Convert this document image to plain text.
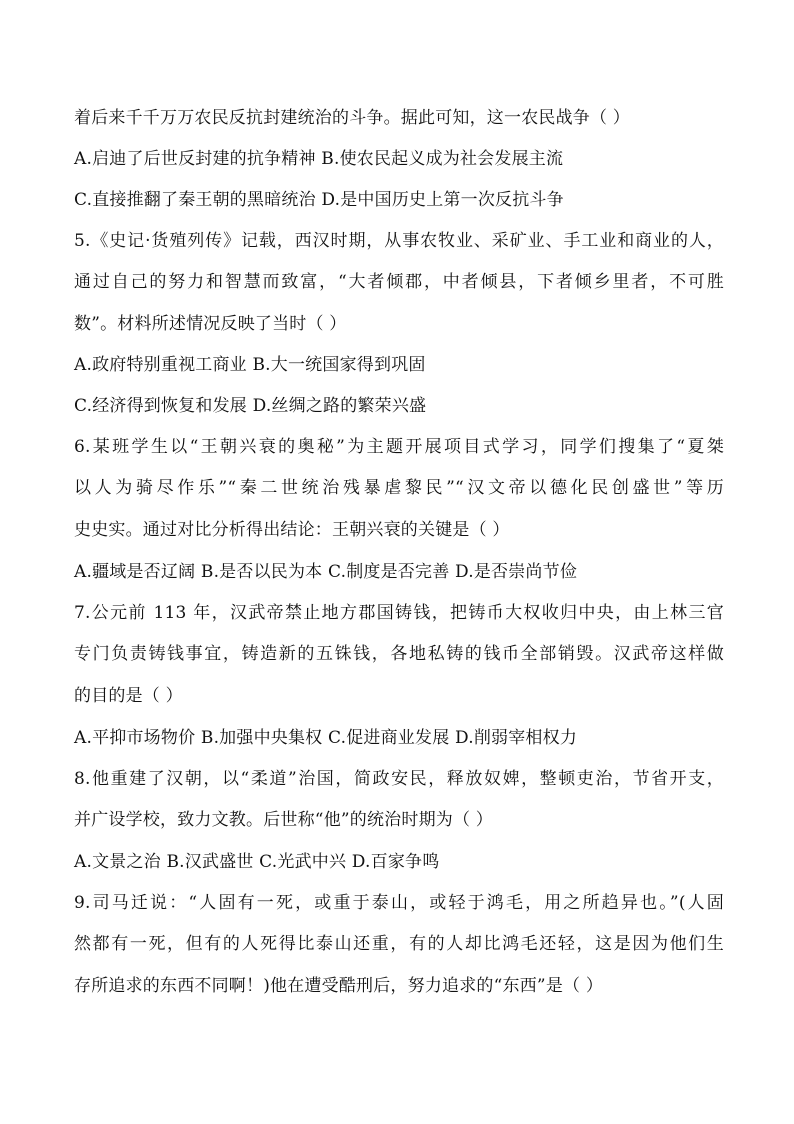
着后来千千万万农民反抗封建统治的斗争。据此可知，这一农民战争（ ）
A.启迪了后世反封建的抗争精神 B.使农民起义成为社会发展主流
C.直接推翻了秦王朝的黑暗统治 D.是中国历史上第一次反抗斗争
5.《史记·货殖列传》记载，西汉时期，从事农牧业、采矿业、手工业和商业的人，
通过自己的努力和智慧而致富，“大者倾郡，中者倾县，下者倾乡里者，不可胜
数”。材料所述情况反映了当时（ ）
A.政府特别重视工商业 B.大一统国家得到巩固
C.经济得到恢复和发展 D.丝绸之路的繁荣兴盛
6.某班学生以“王朝兴衰的奥秘”为主题开展项目式学习，同学们搜集了“夏桀
以人为骑尽作乐”“秦二世统治残暴虐黎民”“汉文帝以德化民创盛世”等历
史史实。通过对比分析得出结论：王朝兴衰的关键是（ ）
A.疆域是否辽阔 B.是否以民为本 C.制度是否完善 D.是否崇尚节俭
7.公元前 113 年，汉武帝禁止地方郡国铸钱，把铸币大权收归中央，由上林三官
专门负责铸钱事宜，铸造新的五铢钱，各地私铸的钱币全部销毁。汉武帝这样做
的目的是（ ）
A.平抑市场物价 B.加强中央集权 C.促进商业发展 D.削弱宰相权力
8.他重建了汉朝，以“柔道”治国，简政安民，释放奴婢，整顿吏治，节省开支，
并广设学校，致力文教。后世称“他”的统治时期为（ ）
A.文景之治 B.汉武盛世 C.光武中兴 D.百家争鸣
9.司马迁说：“人固有一死，或重于泰山，或轻于鸿毛，用之所趋异也。”(人固
然都有一死，但有的人死得比泰山还重，有的人却比鸿毛还轻，这是因为他们生
存所追求的东西不同啊！)他在遭受酷刑后，努力追求的“东西”是（ ）
